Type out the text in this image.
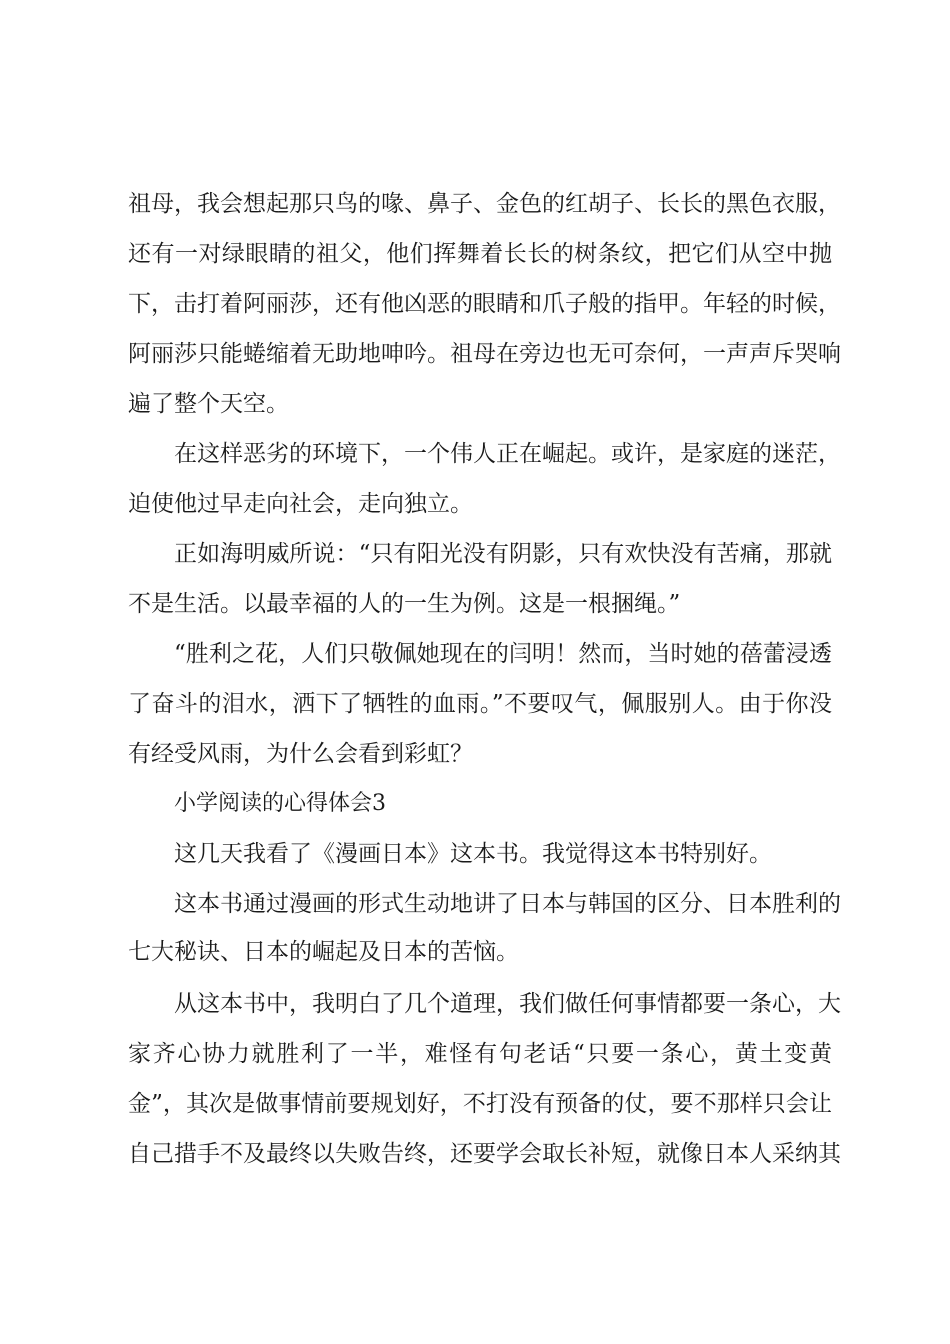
祖母，我会想起那只鸟的喙、鼻子、金色的红胡子、长长的黑色衣服，
还有一对绿眼睛的祖父，他们挥舞着长长的树条纹，把它们从空中抛
下，击打着阿丽莎，还有他凶恶的眼睛和爪子般的指甲。年轻的时候，
阿丽莎只能蜷缩着无助地呻吟。祖母在旁边也无可奈何，一声声斥哭响
遍了整个天空。
在这样恶劣的环境下，一个伟人正在崛起。或许，是家庭的迷茫，
迫使他过早走向社会，走向独立。
正如海明威所说：“只有阳光没有阴影，只有欢快没有苦痛，那就
不是生活。以最幸福的人的一生为例。这是一根捆绳。”
“胜利之花，人们只敬佩她现在的闫明！然而，当时她的蓓蕾浸透
了奋斗的泪水，洒下了牺牲的血雨。”不要叹气，佩服别人。由于你没
有经受风雨，为什么会看到彩虹？
小学阅读的心得体会3
这几天我看了《漫画日本》这本书。我觉得这本书特别好。
这本书通过漫画的形式生动地讲了日本与韩国的区分、日本胜利的
七大秘诀、日本的崛起及日本的苦恼。
从这本书中，我明白了几个道理，我们做任何事情都要一条心，大
家齐心协力就胜利了一半，难怪有句老话“只要一条心，黄土变黄
金”，其次是做事情前要规划好，不打没有预备的仗，要不那样只会让
自己措手不及最终以失败告终，还要学会取长补短，就像日本人采纳其
